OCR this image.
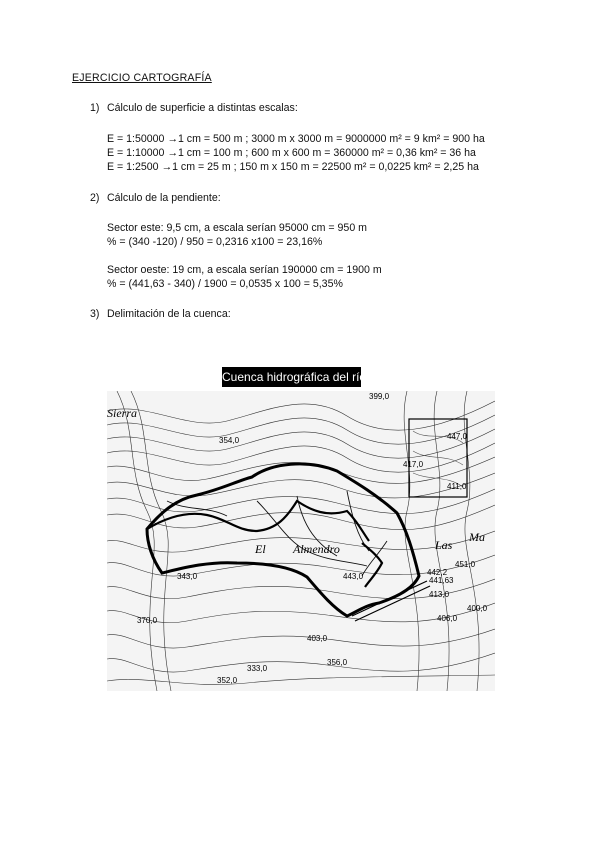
EJERCICIO CARTOGRAFÍA
1) Cálculo de superficie a distintas escalas:
E = 1:50000 →1 cm = 500 m ; 3000 m x 3000 m = 9000000 m² = 9 km² = 900 ha
E = 1:10000 →1 cm = 100 m ; 600 m x 600 m = 360000 m² = 0,36 km² = 36 ha
E = 1:2500 →1 cm = 25 m ; 150 m x 150 m = 22500 m² = 0,0225 km² = 2,25 ha
2) Cálculo de la pendiente:
Sector este: 9,5 cm, a escala serían 95000 cm = 950 m
% = (340 -120) / 950 = 0,2316 x100 = 23,16%
Sector oeste: 19 cm, a escala serían 190000 cm = 1900 m
% = (441,63 - 340) / 1900 = 0,0535 x 100 = 5,35%
3) Delimitación de la cuenca:
Cuenca hidrográfica del río
Sierra
El Almendro	Las
Ma
399,0
447,0
354,0
417,0
411,0
443,0	442,2
441,63
413,0
406,0
451,0
343,0
333,0
403,0
400,0
370,0
352,0
356,0
